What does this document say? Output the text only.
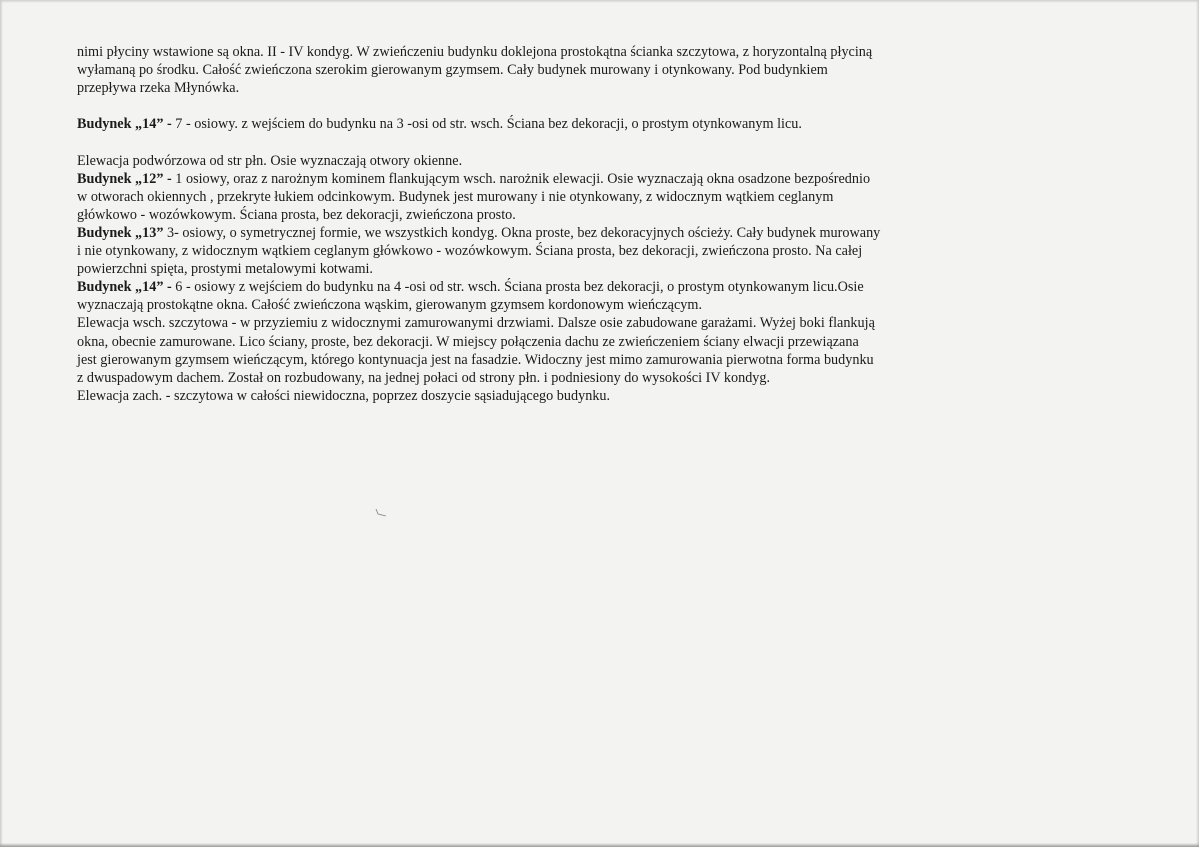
nimi płyciny wstawione są okna. II - IV kondyg. W zwieńczeniu budynku doklejona prostokątna ścianka szczytowa, z horyzontalną płyciną
wyłamaną po środku. Całość zwieńczona szerokim gierowanym gzymsem. Cały budynek murowany i otynkowany. Pod budynkiem
przepływa rzeka Młynówka.
Budynek „14” - 7 - osiowy. z wejściem do budynku na 3 -osi od str. wsch. Ściana bez dekoracji, o prostym otynkowanym licu.
Elewacja podwórzowa od str płn. Osie wyznaczają otwory okienne.
Budynek „12” - 1 osiowy, oraz z narożnym kominem flankującym wsch. narożnik elewacji. Osie wyznaczają okna osadzone bezpośrednio
w otworach okiennych , przekryte łukiem odcinkowym. Budynek jest murowany i nie otynkowany, z widocznym wątkiem ceglanym
główkowo - wozówkowym. Ściana prosta, bez dekoracji, zwieńczona prosto.
Budynek „13” 3- osiowy, o symetrycznej formie, we wszystkich kondyg. Okna proste, bez dekoracyjnych ościeży. Cały budynek murowany
i nie otynkowany, z widocznym wątkiem ceglanym główkowo - wozówkowym. Ściana prosta, bez dekoracji, zwieńczona prosto. Na całej
powierzchni spięta, prostymi metalowymi kotwami.
Budynek „14” - 6 - osiowy z wejściem do budynku na 4 -osi od str. wsch. Ściana prosta bez dekoracji, o prostym otynkowanym licu.Osie
wyznaczają prostokątne okna. Całość zwieńczona wąskim, gierowanym gzymsem kordonowym wieńczącym.
Elewacja wsch. szczytowa - w przyziemiu z widocznymi zamurowanymi drzwiami. Dalsze osie zabudowane garażami. Wyżej boki flankują
okna, obecnie zamurowane. Lico ściany, proste, bez dekoracji. W miejscy połączenia dachu ze zwieńczeniem ściany elwacji przewiązana
jest gierowanym gzymsem wieńczącym, którego kontynuacja jest na fasadzie. Widoczny jest mimo zamurowania pierwotna forma budynku
z dwuspadowym dachem. Został on rozbudowany, na jednej połaci od strony płn. i podniesiony do wysokości IV kondyg.
Elewacja zach. - szczytowa w całości niewidoczna, poprzez doszycie sąsiadującego budynku.
